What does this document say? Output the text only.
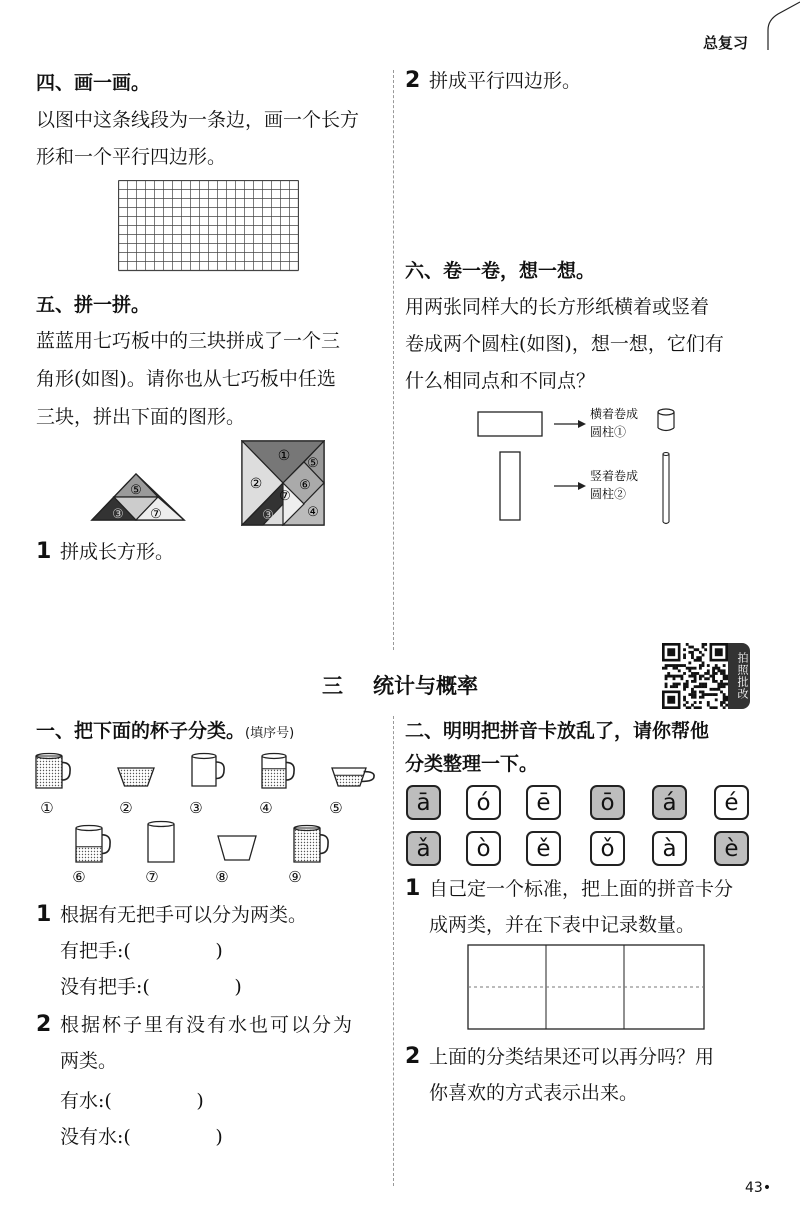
总复习
四、画一画。
以图中这条线段为一条边，画一个长方
形和一个平行四边形。
五、拼一拼。
蓝蓝用七巧板中的三块拼成了一个三
角形(如图)。请你也从七巧板中任选
三块，拼出下面的图形。
⑤
③ ⑦
① ⑤
②	⑥
⑦
③	④
1 拼成长方形。
2 拼成平行四边形。
六、卷一卷，想一想。
用两张同样大的长方形纸横着或竖着
卷成两个圆柱(如图)，想一想，它们有
什么相同点和不同点？
横着卷成
圆柱①
竖着卷成
圆柱②
三 统计与概率	拍照批改
一、把下面的杯子分类。(填序号)
①	②	③	④	⑤
⑥	⑦	⑧	⑨
1 根据有无把手可以分为两类。
有把手:(              )
没有把手:(              )
2 根据杯子里有没有水也可以分为
两类。
有水:(              )
没有水:(              )
二、明明把拼音卡放乱了，请你帮他
分类整理一下。
ā	ó	ē	ō	á	é
ǎ	ò	ě	ǒ	à	è
1 自己定一个标准，把上面的拼音卡分
成两类，并在下表中记录数量。
2 上面的分类结果还可以再分吗？用
你喜欢的方式表示出来。
43•
